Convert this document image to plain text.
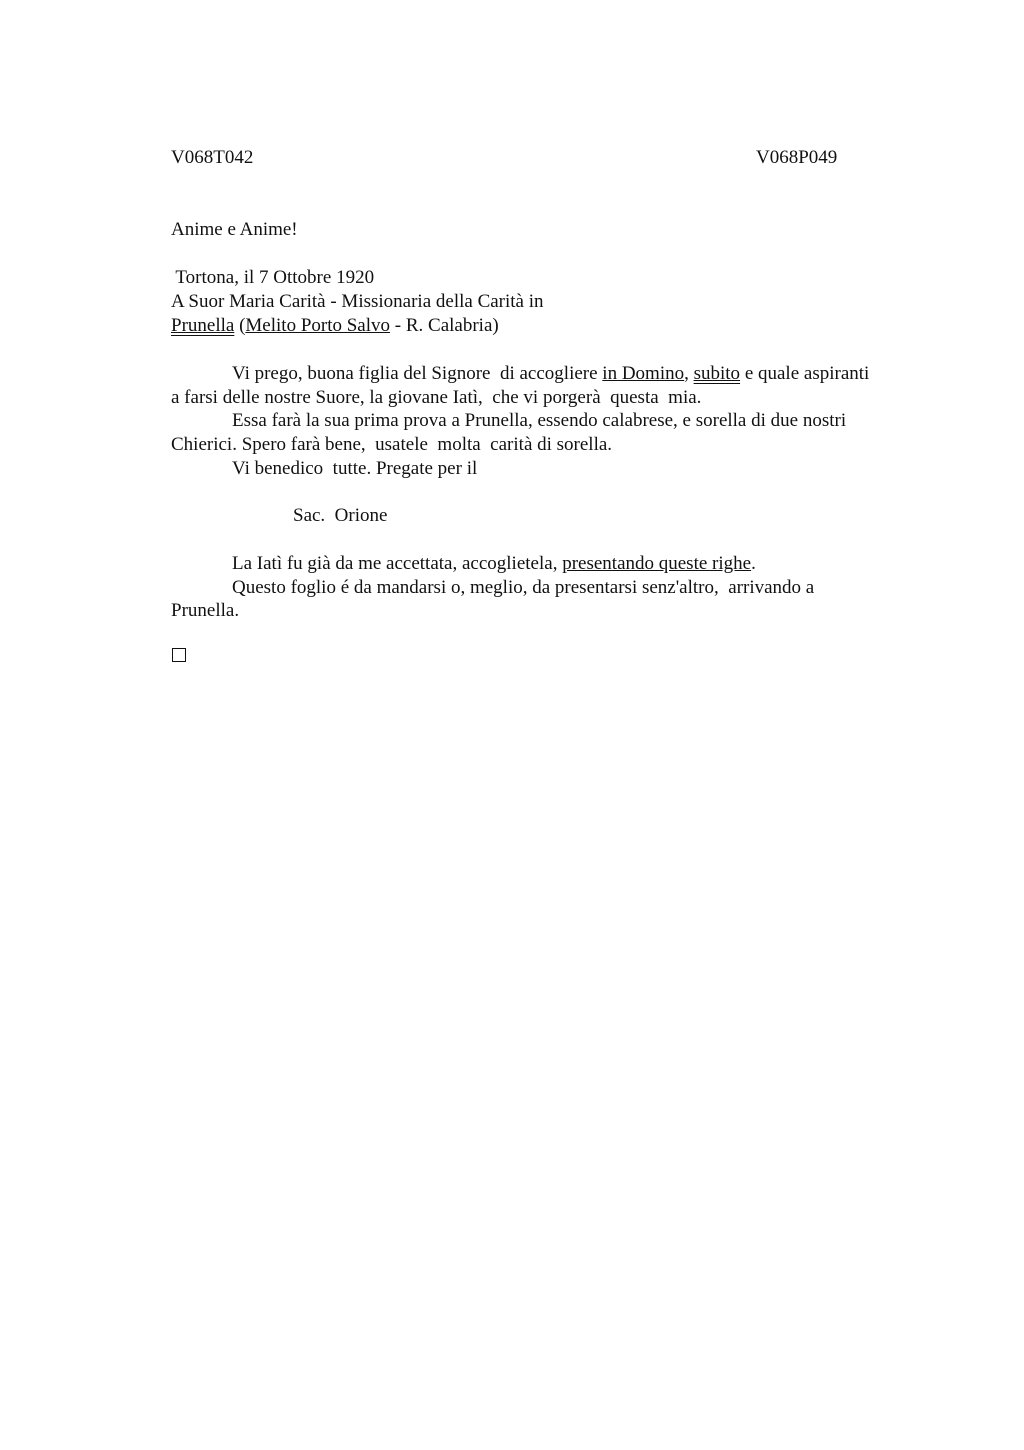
V068T042	V068P049
Anime e Anime!
Tortona, il 7 Ottobre 1920
A Suor Maria Carità - Missionaria della Carità in
Prunella (Melito Porto Salvo - R. Calabria)
Vi prego, buona figlia del Signore  di accogliere in Domino, subito e quale aspiranti
a farsi delle nostre Suore, la giovane Iatì,  che vi porgerà  questa  mia.
Essa farà la sua prima prova a Prunella, essendo calabrese, e sorella di due nostri
Chierici. Spero farà bene,  usatele  molta  carità di sorella.
Vi benedico  tutte. Pregate per il
Sac.  Orione
La Iatì fu già da me accettata, accoglietela, presentando queste righe.
Questo foglio é da mandarsi o, meglio, da presentarsi senz'altro,  arrivando a
Prunella.
